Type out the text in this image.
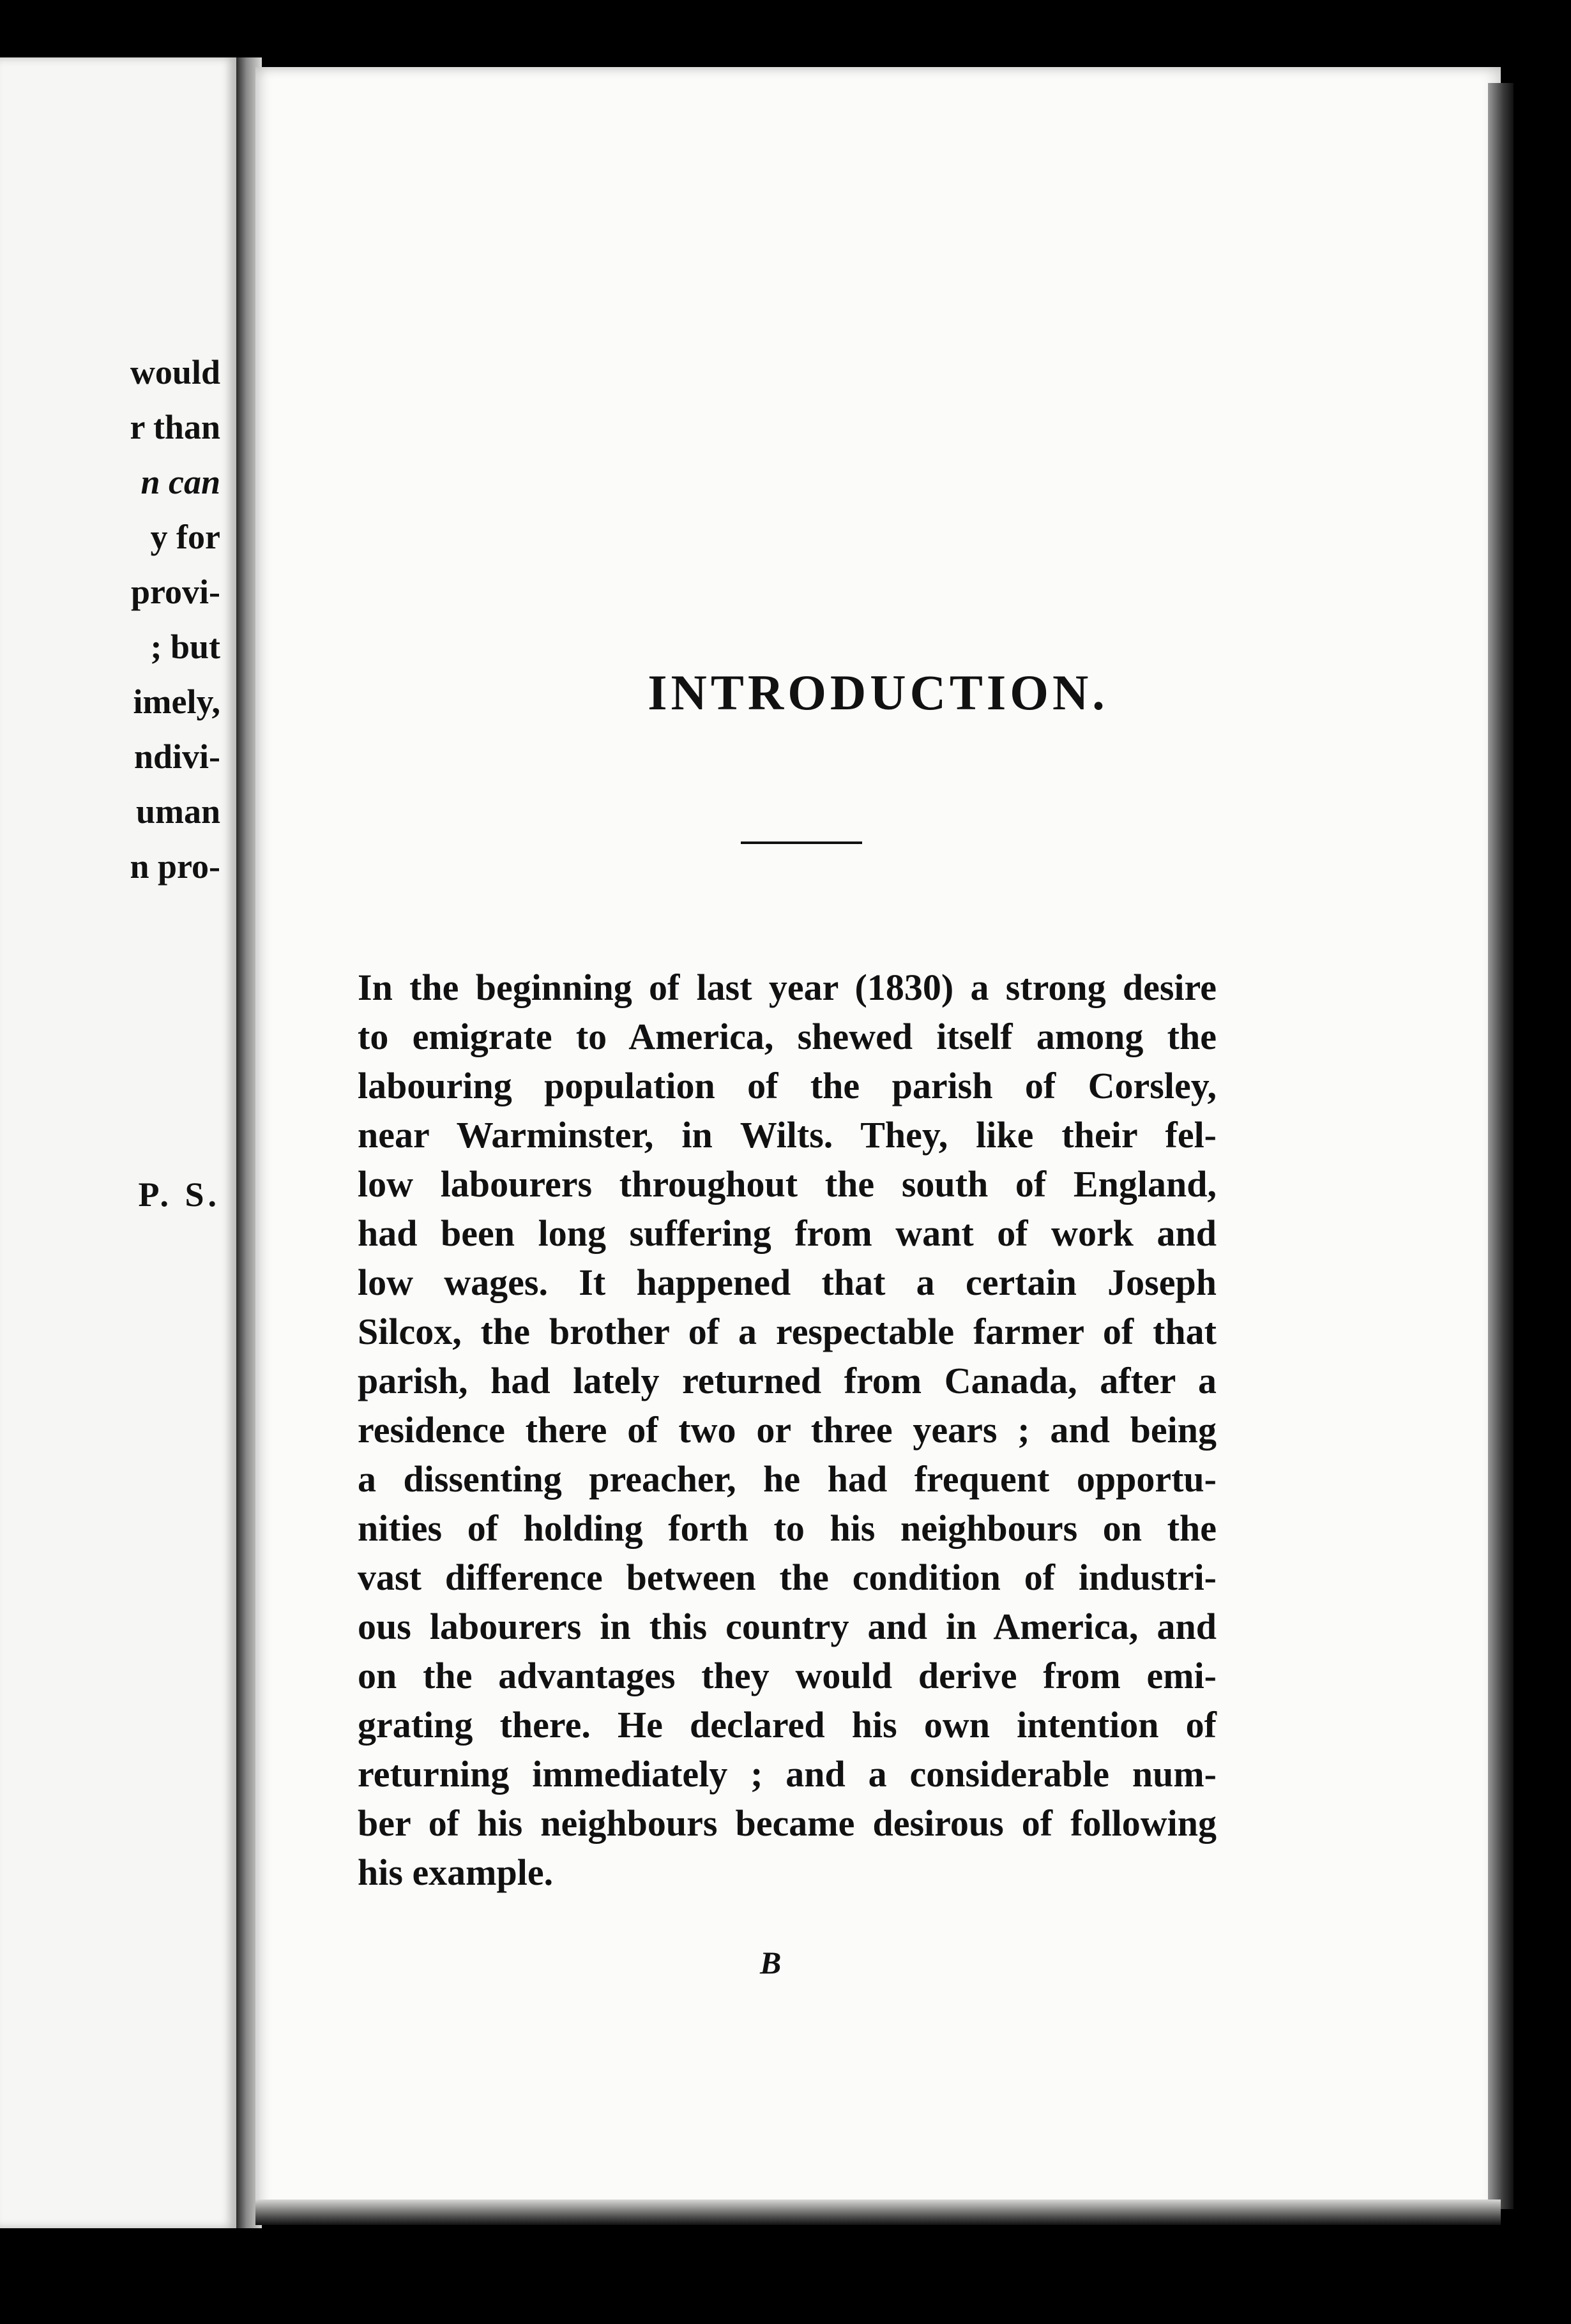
would
r than
n can
y for
provi-
; but
imely,
ndivi-
uman
n pro-
P. S.
INTRODUCTION.
In the beginning of last year (1830) a strong desire
to emigrate to America, shewed itself among the
labouring population of the parish of Corsley,
near Warminster, in Wilts. They, like their fel-
low labourers throughout the south of England,
had been long suffering from want of work and
low wages. It happened that a certain Joseph
Silcox, the brother of a respectable farmer of that
parish, had lately returned from Canada, after a
residence there of two or three years ; and being
a dissenting preacher, he had frequent opportu-
nities of holding forth to his neighbours on the
vast difference between the condition of industri-
ous labourers in this country and in America, and
on the advantages they would derive from emi-
grating there. He declared his own intention of
returning immediately ; and a considerable num-
ber of his neighbours became desirous of following
his example.
B
